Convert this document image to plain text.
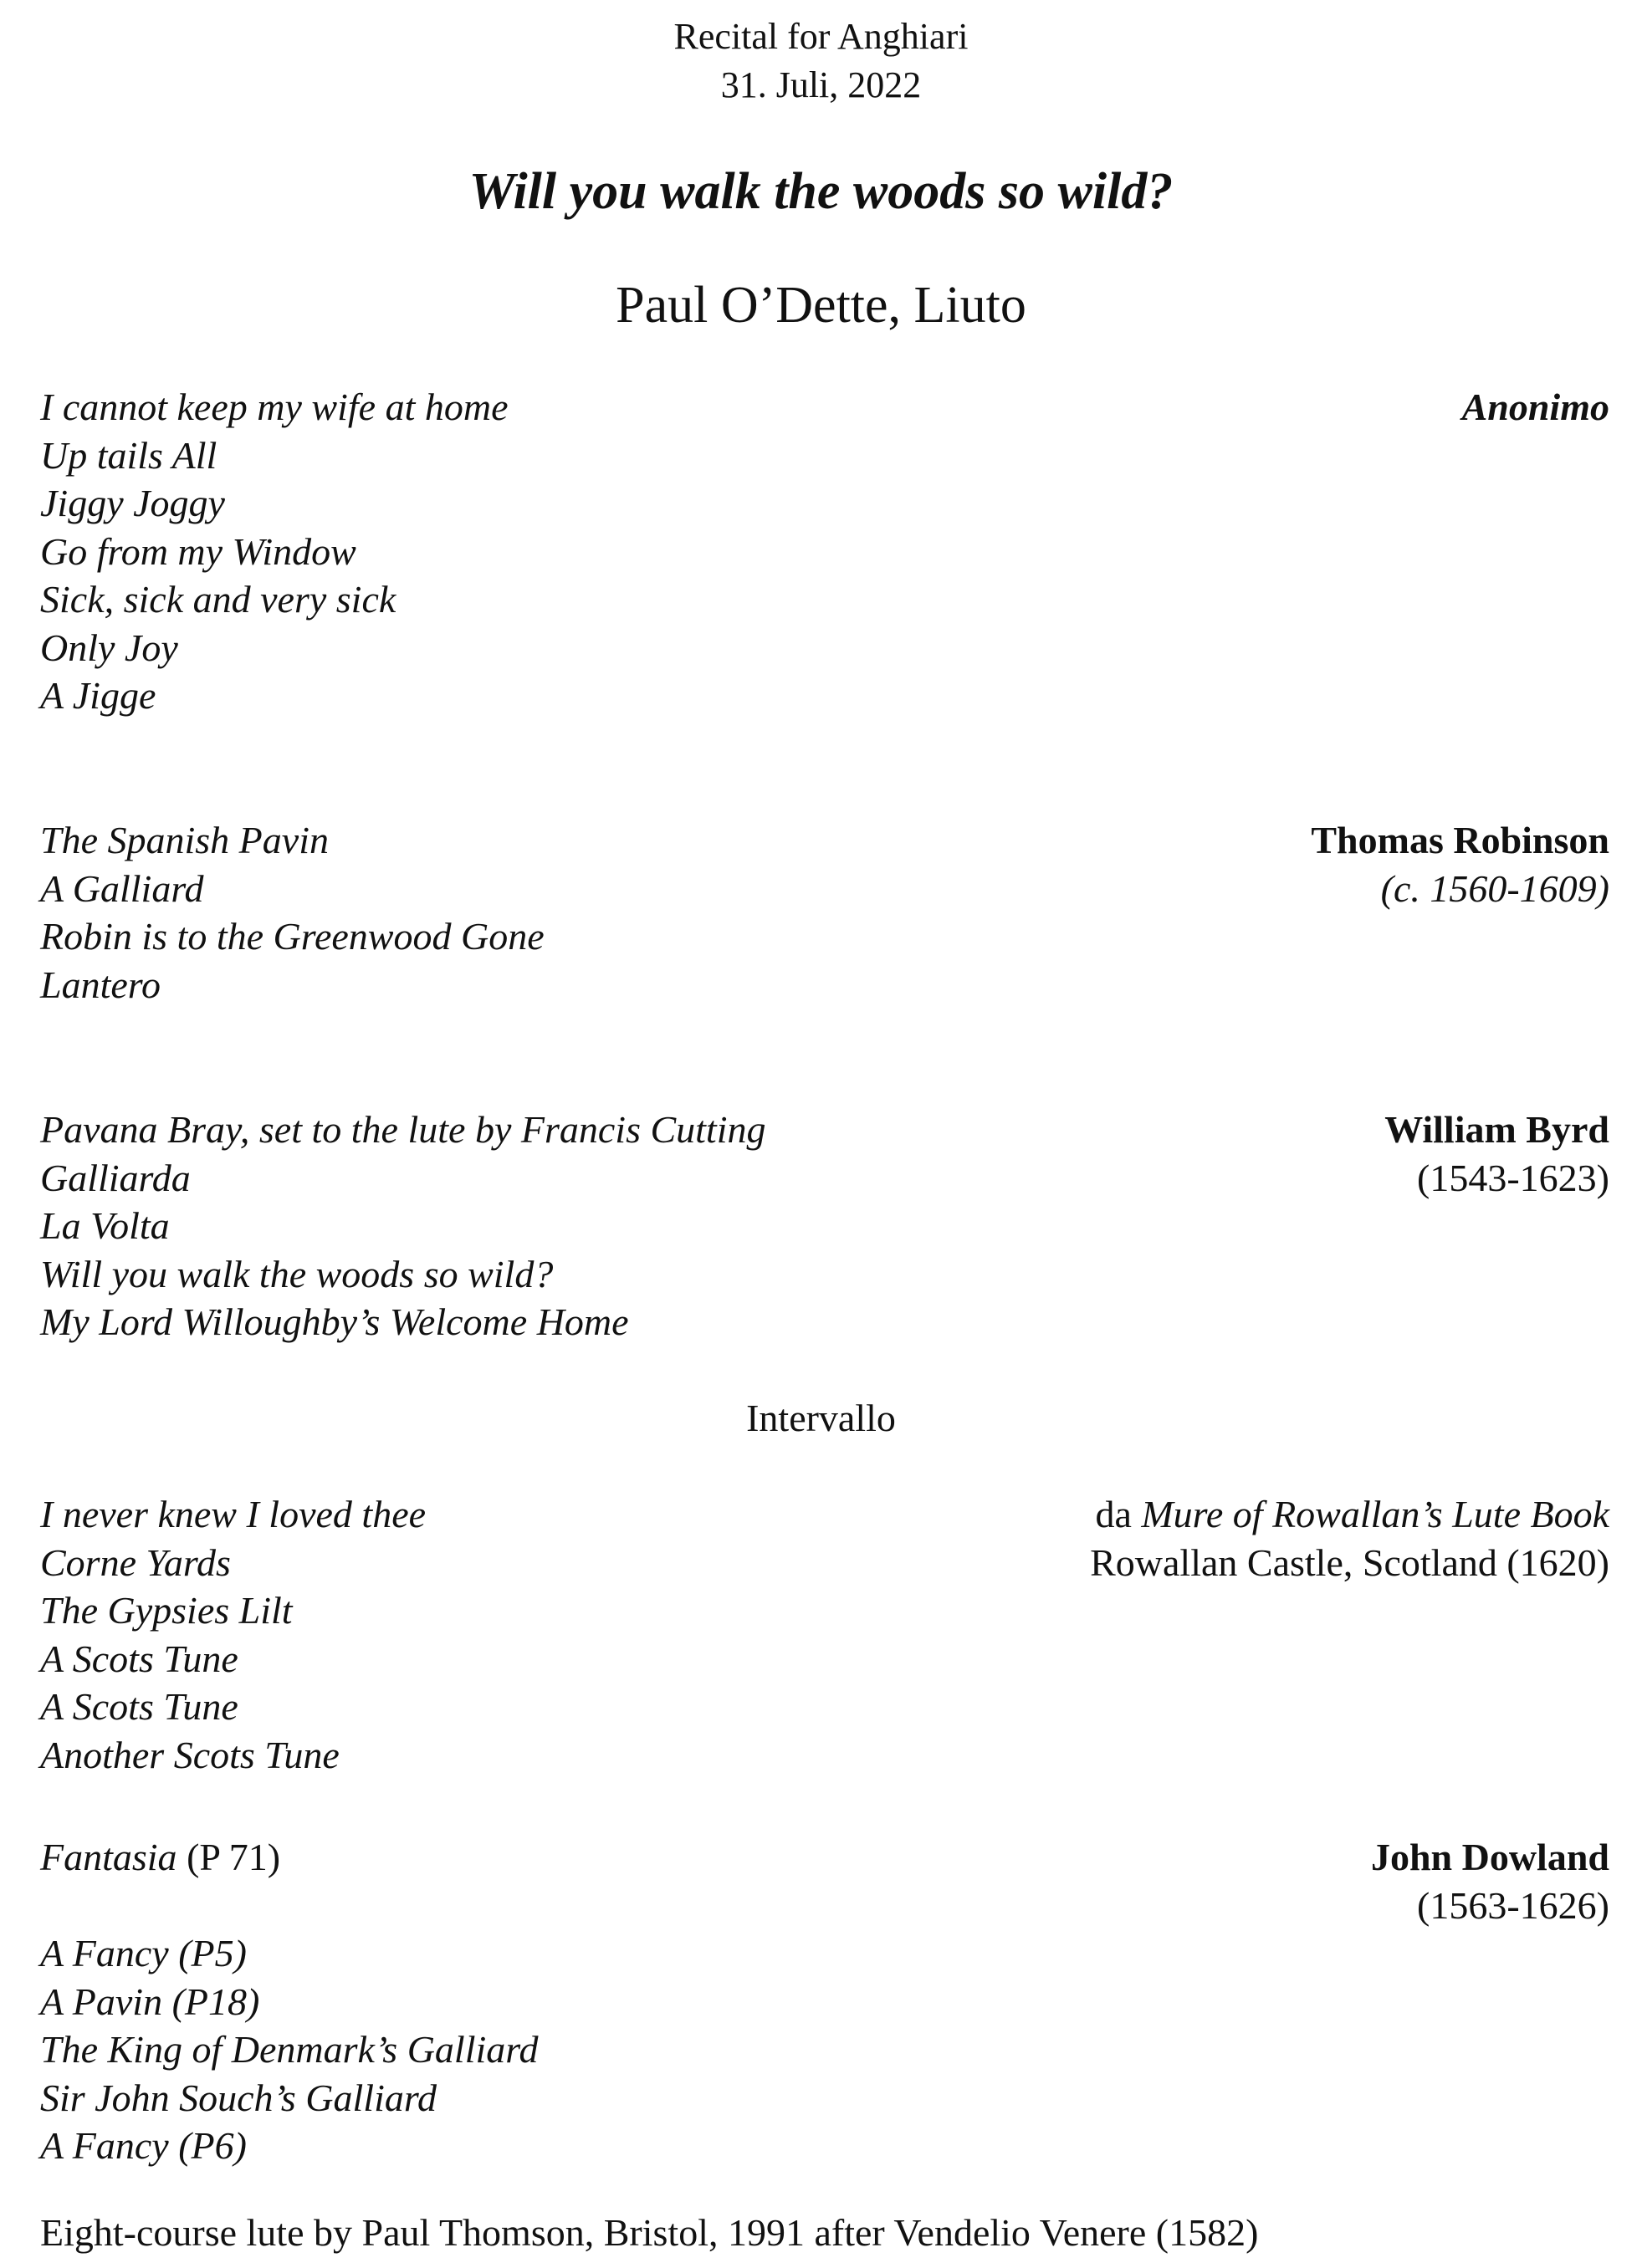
Recital for Anghiari
31. Juli, 2022
Will you walk the woods so wild?
Paul O’Dette, Liuto
I cannot keep my wife at home
Up tails All
Jiggy Joggy
Go from my Window
Sick, sick and very sick
Only Joy
A Jigge
Anonimo
The Spanish Pavin
A Galliard
Robin is to the Greenwood Gone
Lantero
Thomas Robinson
(c. 1560-1609)
Pavana Bray, set to the lute by Francis Cutting
Galliarda
La Volta
Will you walk the woods so wild?
My Lord Willoughby’s Welcome Home
William Byrd
(1543-1623)
Intervallo
I never knew I loved thee
Corne Yards
The Gypsies Lilt
A Scots Tune
A Scots Tune
Another Scots Tune
da Mure of Rowallan’s Lute Book
Rowallan Castle, Scotland (1620)
Fantasia (P 71)

A Fancy (P5)
A Pavin (P18)
The King of Denmark’s Galliard
Sir John Souch’s Galliard
A Fancy (P6)
John Dowland
(1563-1626)
Eight-course lute by Paul Thomson, Bristol, 1991 after Vendelio Venere (1582)
